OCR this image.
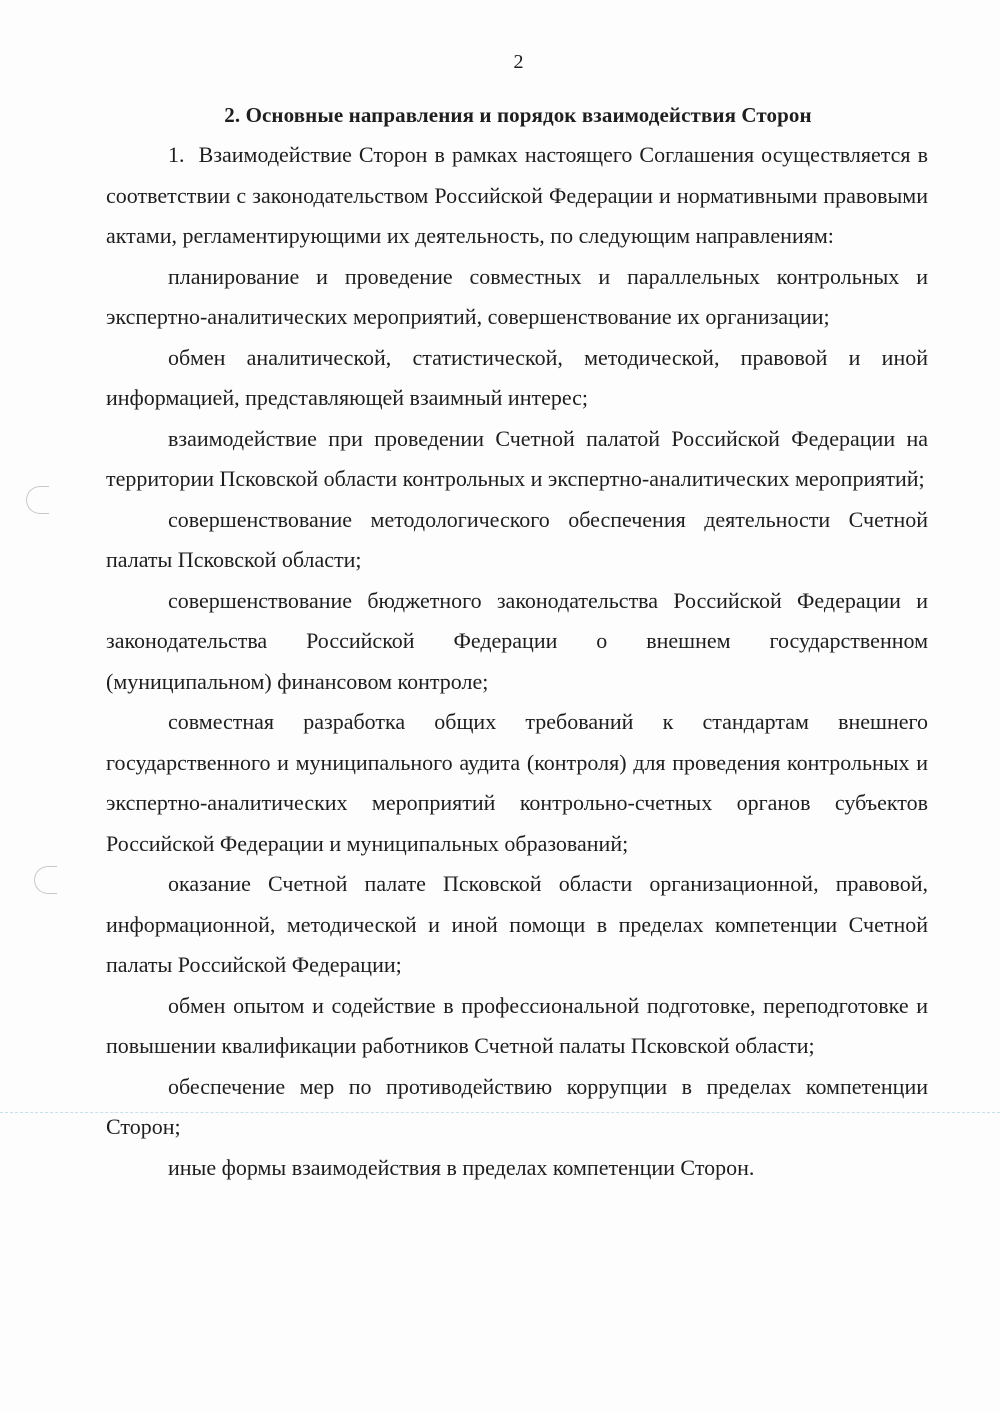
2
2. Основные направления и порядок взаимодействия Сторон

1.  Взаимодействие Сторон в рамках настоящего Соглашения осуществляется в соответствии с законодательством Российской Федерации и нормативными правовыми актами, регламентирующими их деятельность, по следующим направлениям:

планирование и проведение совместных и параллельных контрольных и экспертно-аналитических мероприятий, совершенствование их организации;

обмен аналитической, статистической, методической, правовой и иной информацией, представляющей взаимный интерес;

взаимодействие при проведении Счетной палатой Российской Федерации на территории Псковской области контрольных и экспертно-аналитических мероприятий;

совершенствование методологического обеспечения деятельности Счетной палаты Псковской области;

совершенствование бюджетного законодательства Российской Федерации и законодательства Российской Федерации о внешнем государственном (муниципальном) финансовом контроле;

совместная разработка общих требований к стандартам внешнего государственного и муниципального аудита (контроля) для проведения контрольных и экспертно-аналитических мероприятий контрольно-счетных органов субъектов Российской Федерации и муниципальных образований;

оказание Счетной палате Псковской области организационной, правовой, информационной, методической и иной помощи в пределах компетенции Счетной палаты Российской Федерации;

обмен опытом и содействие в профессиональной подготовке, переподготовке и повышении квалификации работников Счетной палаты Псковской области;

обеспечение мер по противодействию коррупции в пределах компетенции Сторон;

иные формы взаимодействия в пределах компетенции Сторон.
